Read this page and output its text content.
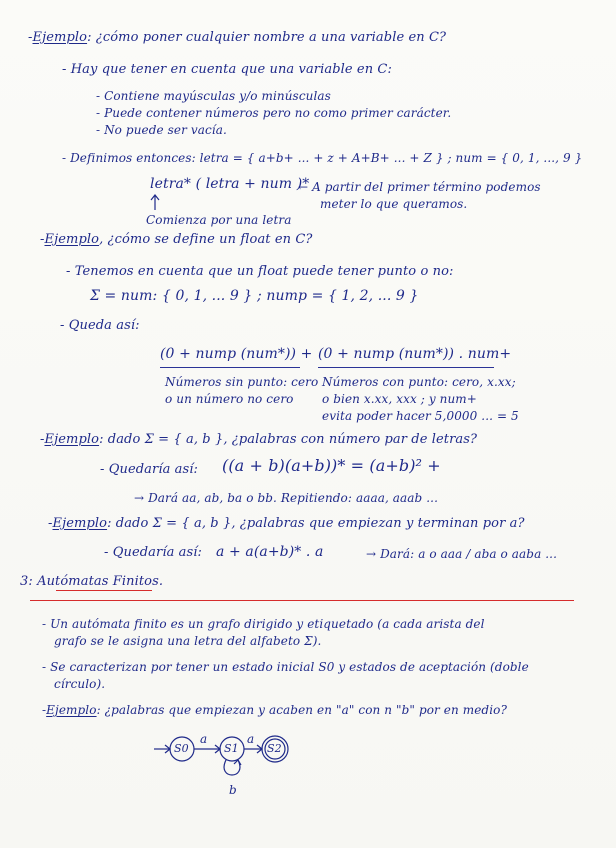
-Ejemplo: ¿cómo poner cualquier nombre a una variable en C?
- Hay que tener en cuenta que una variable en C:
- Contiene mayúsculas y/o minúsculas
- Puede contener números pero no como primer carácter.
- No puede ser vacía.
- Definimos entonces: letra = { a+b+ ... + z + A+B+ ... + Z } ; num = { 0, 1, ..., 9 }
letra* ( letra + num )*
← A partir del primer término podemos
meter lo que queramos.
Comienza por una letra
-Ejemplo, ¿cómo se define un float en C?
- Tenemos en cuenta que un float puede tener punto o no:
Σ = num: { 0, 1, ... 9 } ; nump = { 1, 2, ... 9 }
- Queda así:
(0 + nump (num*)) + (0 + nump (num*)) . num+
Números sin punto: cero
o un número no cero
Números con punto: cero, x.xx;
o bien x.xx, xxx ; y num+
evita poder hacer 5,0000 ... = 5
-Ejemplo: dado Σ = { a, b }, ¿palabras con número par de letras?
- Quedaría así: ((a + b)(a+b))* = (a+b)² +
→ Dará aa, ab, ba o bb. Repitiendo: aaaa, aaab ...
-Ejemplo: dado Σ = { a, b }, ¿palabras que empiezan y terminan por a?
- Quedaría así: a + a(a+b)* . a	→ Dará: a o aaa / aba o aaba ...
3: Autómatas Finitos.
- Un autómata finito es un grafo dirigido y etiquetado (a cada arista del
grafo se le asigna una letra del alfabeto Σ).
- Se caracterizan por tener un estado inicial S0 y estados de aceptación (doble
círculo).
-Ejemplo: ¿palabras que empiezan y acaben en "a" con n "b" por en medio?
S0	S1	S2
a	a
b
